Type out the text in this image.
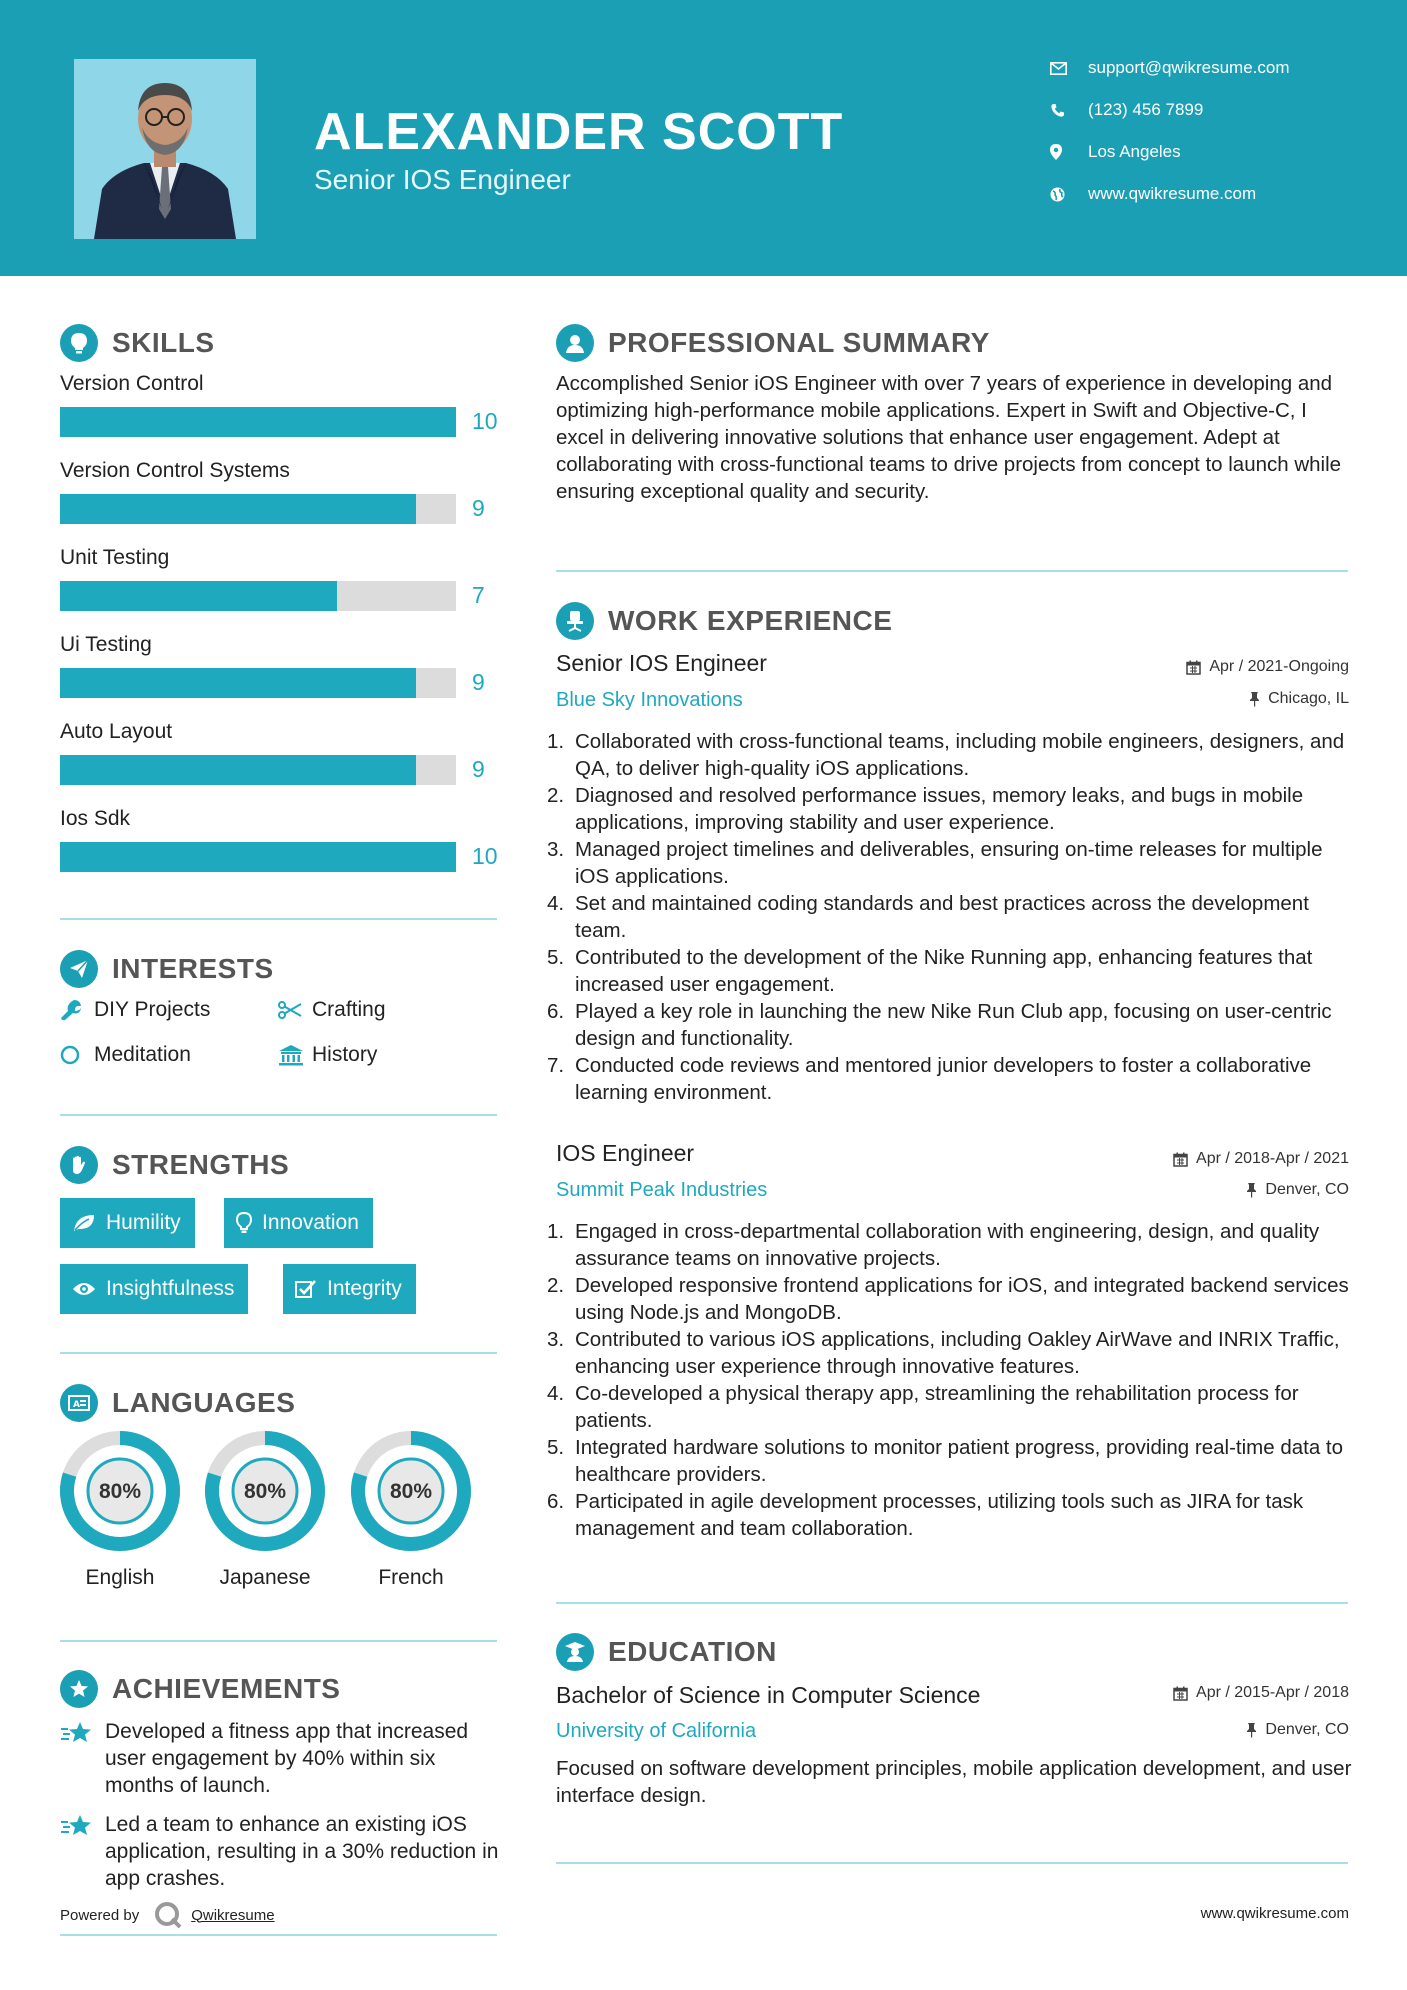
ALEXANDER SCOTT
Senior IOS Engineer
support@qwikresume.com
(123) 456 7899
Los Angeles
www.qwikresume.com
SKILLS
Version Control
10
Version Control Systems
9
Unit Testing
7
Ui Testing
9
Auto Layout
9
Ios Sdk
10
INTERESTS
DIY Projects	Crafting
Meditation	History
STRENGTHS
Humility	Innovation
Insightfulness	Integrity
A LANGUAGES
80%
English
80%
Japanese
80%
French
ACHIEVEMENTS
Developed a fitness app that increased user engagement by 40% within six months of launch.
Led a team to enhance an existing iOS application, resulting in a 30% reduction in app crashes.
PROFESSIONAL SUMMARY
Accomplished Senior iOS Engineer with over 7 years of experience in developing and optimizing high-performance mobile applications. Expert in Swift and Objective-C, I excel in delivering innovative solutions that enhance user engagement. Adept at collaborating with cross-functional teams to drive projects from concept to launch while ensuring exceptional quality and security.
WORK EXPERIENCE
Senior IOS Engineer	Apr / 2021-Ongoing
Blue Sky Innovations	Chicago, IL
1. Collaborated with cross-functional teams, including mobile engineers, designers, and QA, to deliver high-quality iOS applications.
2. Diagnosed and resolved performance issues, memory leaks, and bugs in mobile applications, improving stability and user experience.
3. Managed project timelines and deliverables, ensuring on-time releases for multiple iOS applications.
4. Set and maintained coding standards and best practices across the development team.
5. Contributed to the development of the Nike Running app, enhancing features that increased user engagement.
6. Played a key role in launching the new Nike Run Club app, focusing on user-centric design and functionality.
7. Conducted code reviews and mentored junior developers to foster a collaborative learning environment.
IOS Engineer	Apr / 2018-Apr / 2021
Summit Peak Industries	Denver, CO
1. Engaged in cross-departmental collaboration with engineering, design, and quality assurance teams on innovative projects.
2. Developed responsive frontend applications for iOS, and integrated backend services using Node.js and MongoDB.
3. Contributed to various iOS applications, including Oakley AirWave and INRIX Traffic, enhancing user experience through innovative features.
4. Co-developed a physical therapy app, streamlining the rehabilitation process for patients.
5. Integrated hardware solutions to monitor patient progress, providing real-time data to healthcare providers.
6. Participated in agile development processes, utilizing tools such as JIRA for task management and team collaboration.
EDUCATION
Bachelor of Science in Computer Science	Apr / 2015-Apr / 2018
University of California	Denver, CO
Focused on software development principles, mobile application development, and user interface design.
Powered by	Qwikresume	www.qwikresume.com
